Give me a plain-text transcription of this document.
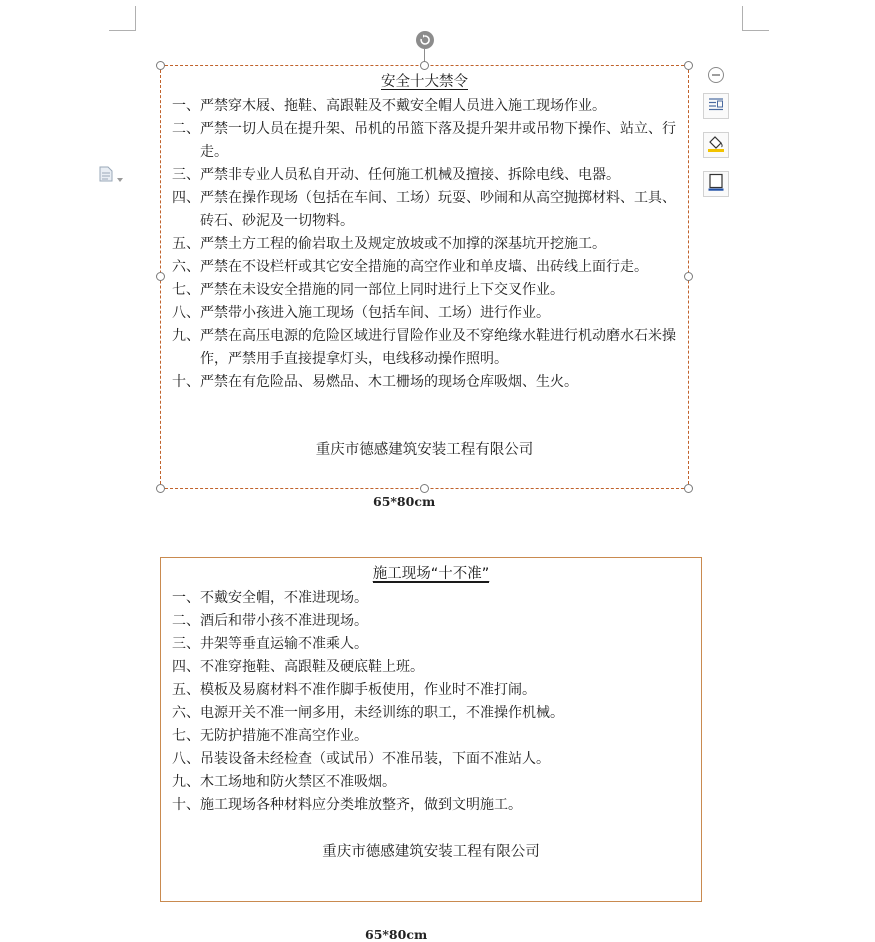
安全十大禁令
一、 严禁穿木屐、拖鞋、高跟鞋及不戴安全帽人员进入施工现场作业。
二、 严禁一切人员在提升架、吊机的吊篮下落及提升架井或吊物下操作、站立、行走。
三、 严禁非专业人员私自开动、任何施工机械及擅接、拆除电线、电器。
四、 严禁在操作现场（包括在车间、工场）玩耍、吵闹和从高空抛掷材料、工具、砖石、砂泥及一切物料。
五、 严禁土方工程的偷岩取土及规定放坡或不加撑的深基坑开挖施工。
六、 严禁在不设栏杆或其它安全措施的高空作业和单皮墙、出砖线上面行走。
七、 严禁在未设安全措施的同一部位上同时进行上下交叉作业。
八、 严禁带小孩进入施工现场（包括车间、工场）进行作业。
九、 严禁在高压电源的危险区域进行冒险作业及不穿绝缘水鞋进行机动磨水石米操作，严禁用手直接提拿灯头，电线移动操作照明。
十、 严禁在有危险品、易燃品、木工栅场的现场仓库吸烟、生火。
重庆市德感建筑安装工程有限公司
65*80cm
施工现场“十不准”
一、 不戴安全帽，不准进现场。
二、 酒后和带小孩不准进现场。
三、 井架等垂直运输不准乘人。
四、 不准穿拖鞋、高跟鞋及硬底鞋上班。
五、 模板及易腐材料不准作脚手板使用，作业时不准打闹。
六、 电源开关不准一闸多用，未经训练的职工，不准操作机械。
七、 无防护措施不准高空作业。
八、 吊装设备未经检查（或试吊）不准吊装，下面不准站人。
九、 木工场地和防火禁区不准吸烟。
十、 施工现场各种材料应分类堆放整齐，做到文明施工。
重庆市德感建筑安装工程有限公司
65*80cm
